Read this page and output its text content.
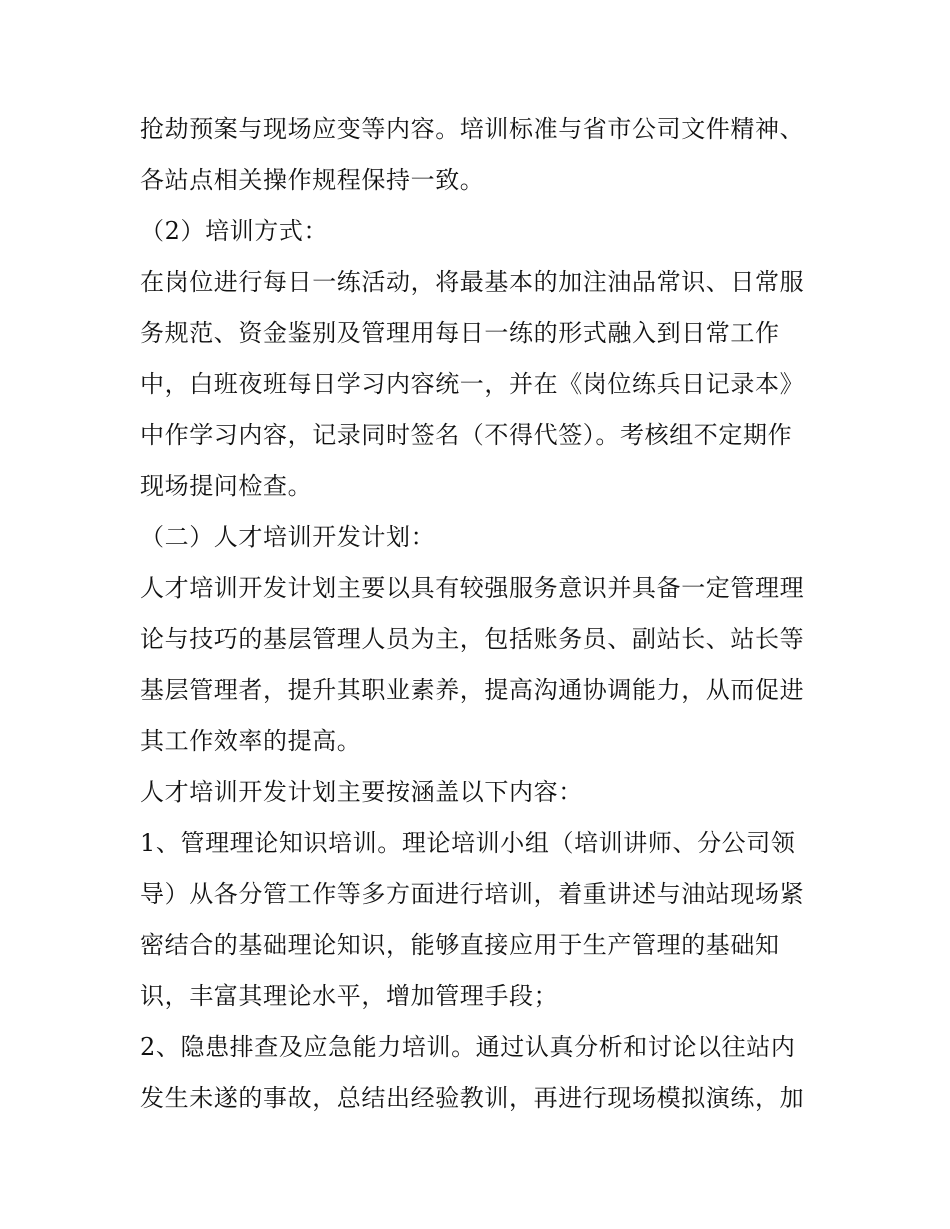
抢劫预案与现场应变等内容。培训标准与省市公司文件精神、
各站点相关操作规程保持一致。
（2）培训方式：
在岗位进行每日一练活动，将最基本的加注油品常识、日常服
务规范、资金鉴别及管理用每日一练的形式融入到日常工作
中，白班夜班每日学习内容统一，并在《岗位练兵日记录本》
中作学习内容，记录同时签名（不得代签）。考核组不定期作
现场提问检查。
（二）人才培训开发计划：
人才培训开发计划主要以具有较强服务意识并具备一定管理理
论与技巧的基层管理人员为主，包括账务员、副站长、站长等
基层管理者，提升其职业素养，提高沟通协调能力，从而促进
其工作效率的提高。
人才培训开发计划主要按涵盖以下内容：
1、管理理论知识培训。理论培训小组（培训讲师、分公司领
导）从各分管工作等多方面进行培训，着重讲述与油站现场紧
密结合的基础理论知识，能够直接应用于生产管理的基础知
识，丰富其理论水平，增加管理手段；
2、隐患排查及应急能力培训。通过认真分析和讨论以往站内
发生未遂的事故，总结出经验教训，再进行现场模拟演练，加
